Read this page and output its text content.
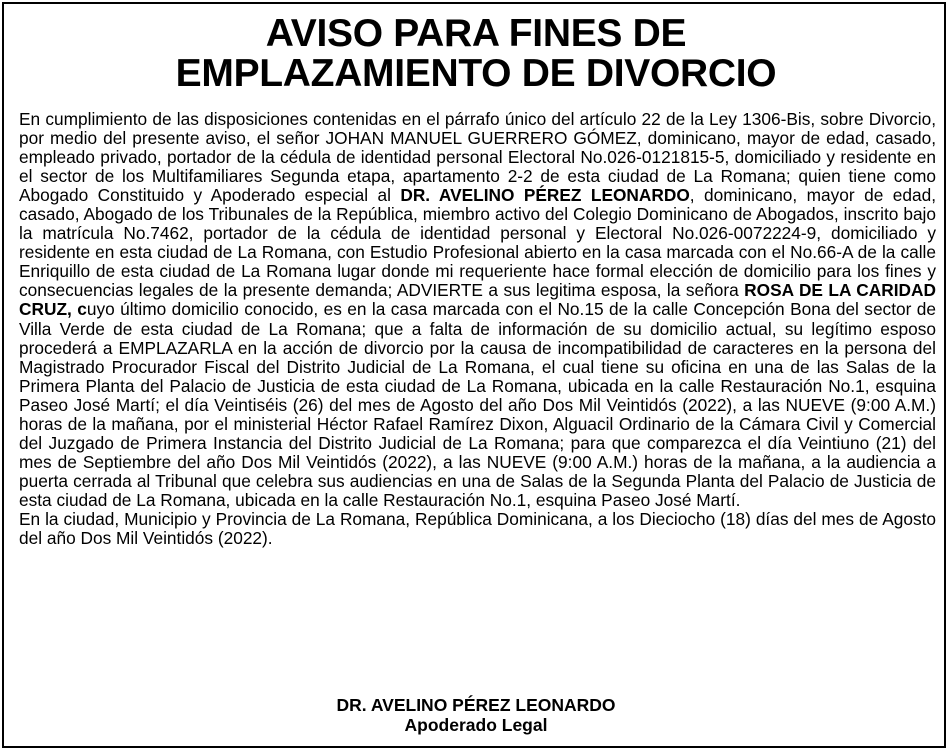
AVISO PARA FINES DE
EMPLAZAMIENTO DE DIVORCIO

En cumplimiento de las disposiciones contenidas en el párrafo único del artículo 22 de la Ley 1306-Bis, sobre Divorcio, por medio del presente aviso, el señor JOHAN MANUEL GUERRERO GÓMEZ, dominicano, mayor de edad, casado, empleado privado, portador de la cédula de identidad personal Electoral No.026-0121815-5, domiciliado y residente en el sector de los Multifamiliares Segunda etapa, apartamento 2-2 de esta ciudad de La Romana; quien tiene como Abogado Constituido y Apoderado especial al DR. AVELINO PÉREZ LEONARDO, dominicano, mayor de edad, casado, Abogado de los Tribunales de la República, miembro activo del Colegio Dominicano de Abogados, inscrito bajo la matrícula No.7462, portador de la cédula de identidad personal y Electoral No.026-0072224-9, domiciliado y residente en esta ciudad de La Romana, con Estudio Profesional abierto en la casa marcada con el No.66-A de la calle Enriquillo de esta ciudad de La Romana lugar donde mi requeriente hace formal elección de domicilio para los fines y consecuencias legales de la presente demanda; ADVIERTE a sus legitima esposa, la señora ROSA DE LA CARIDAD CRUZ, cuyo último domicilio conocido, es en la casa marcada con el No.15 de la calle Concepción Bona del sector de Villa Verde de esta ciudad de La Romana; que a falta de información de su domicilio actual, su legítimo esposo procederá a EMPLAZARLA en la acción de divorcio por la causa de incompatibilidad de caracteres en la persona del Magistrado Procurador Fiscal del Distrito Judicial de La Romana, el cual tiene su oficina en una de las Salas de la Primera Planta del Palacio de Justicia de esta ciudad de La Romana, ubicada en la calle Restauración No.1, esquina Paseo José Martí; el día Veintiséis (26) del mes de Agosto del año Dos Mil Veintidós (2022), a las NUEVE (9:00 A.M.) horas de la mañana, por el ministerial Héctor Rafael Ramírez Dixon, Alguacil Ordinario de la Cámara Civil y Comercial del Juzgado de Primera Instancia del Distrito Judicial de La Romana; para que comparezca el día Veintiuno (21) del mes de Septiembre del año Dos Mil Veintidós (2022), a las NUEVE (9:00 A.M.) horas de la mañana, a la audiencia a puerta cerrada al Tribunal que celebra sus audiencias en una de Salas de la Segunda Planta del Palacio de Justicia de esta ciudad de La Romana, ubicada en la calle Restauración No.1, esquina Paseo José Martí.

En la ciudad, Municipio y Provincia de La Romana, República Dominicana, a los Dieciocho (18) días del mes de Agosto del año Dos Mil Veintidós (2022).

DR. AVELINO PÉREZ LEONARDO
Apoderado Legal
